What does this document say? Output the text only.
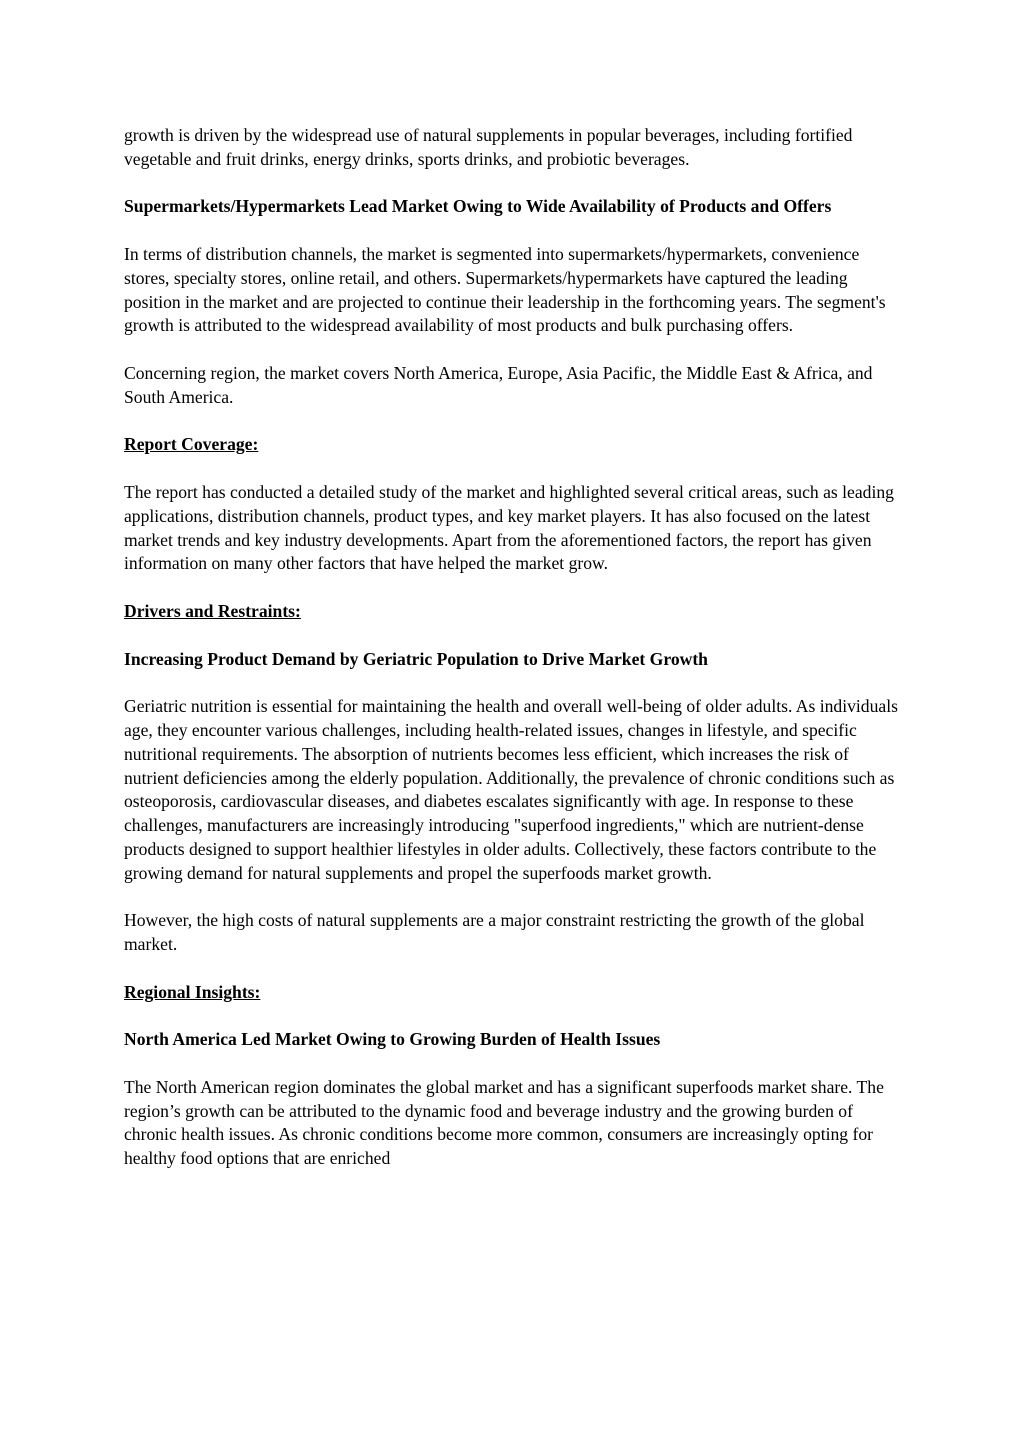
growth is driven by the widespread use of natural supplements in popular beverages, including fortified vegetable and fruit drinks, energy drinks, sports drinks, and probiotic beverages.

Supermarkets/Hypermarkets Lead Market Owing to Wide Availability of Products and Offers

In terms of distribution channels, the market is segmented into supermarkets/hypermarkets, convenience stores, specialty stores, online retail, and others. Supermarkets/hypermarkets have captured the leading position in the market and are projected to continue their leadership in the forthcoming years. The segment's growth is attributed to the widespread availability of most products and bulk purchasing offers.

Concerning region, the market covers North America, Europe, Asia Pacific, the Middle East & Africa, and South America.

Report Coverage:

The report has conducted a detailed study of the market and highlighted several critical areas, such as leading applications, distribution channels, product types, and key market players. It has also focused on the latest market trends and key industry developments. Apart from the aforementioned factors, the report has given information on many other factors that have helped the market grow.

Drivers and Restraints:

Increasing Product Demand by Geriatric Population to Drive Market Growth

Geriatric nutrition is essential for maintaining the health and overall well-being of older adults. As individuals age, they encounter various challenges, including health-related issues, changes in lifestyle, and specific nutritional requirements. The absorption of nutrients becomes less efficient, which increases the risk of nutrient deficiencies among the elderly population. Additionally, the prevalence of chronic conditions such as osteoporosis, cardiovascular diseases, and diabetes escalates significantly with age. In response to these challenges, manufacturers are increasingly introducing "superfood ingredients," which are nutrient-dense products designed to support healthier lifestyles in older adults. Collectively, these factors contribute to the growing demand for natural supplements and propel the superfoods market growth.

However, the high costs of natural supplements are a major constraint restricting the growth of the global market.

Regional Insights:

North America Led Market Owing to Growing Burden of Health Issues

The North American region dominates the global market and has a significant superfoods market share. The region’s growth can be attributed to the dynamic food and beverage industry and the growing burden of chronic health issues. As chronic conditions become more common, consumers are increasingly opting for healthy food options that are enriched
